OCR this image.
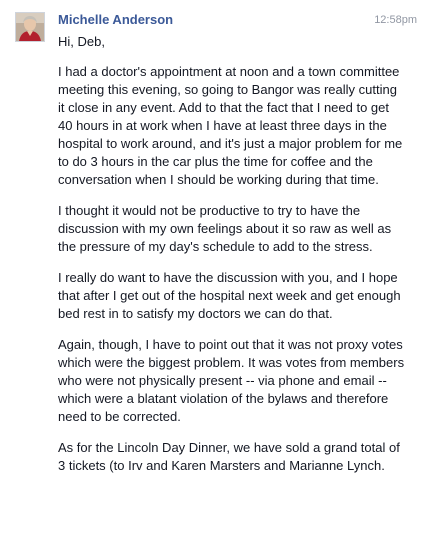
Michelle Anderson	12:58pm

Hi, Deb,

I had a doctor's appointment at noon and a town committee meeting this evening, so going to Bangor was really cutting it close in any event. Add to that the fact that I need to get 40 hours in at work when I have at least three days in the hospital to work around, and it's just a major problem for me to do 3 hours in the car plus the time for coffee and the conversation when I should be working during that time.

I thought it would not be productive to try to have the discussion with my own feelings about it so raw as well as the pressure of my day's schedule to add to the stress.

I really do want to have the discussion with you, and I hope that after I get out of the hospital next week and get enough bed rest in to satisfy my doctors we can do that.

Again, though, I have to point out that it was not proxy votes which were the biggest problem. It was votes from members who were not physically present -- via phone and email -- which were a blatant violation of the bylaws and therefore need to be corrected.

As for the Lincoln Day Dinner, we have sold a grand total of 3 tickets (to Irv and Karen Marsters and Marianne Lynch.
